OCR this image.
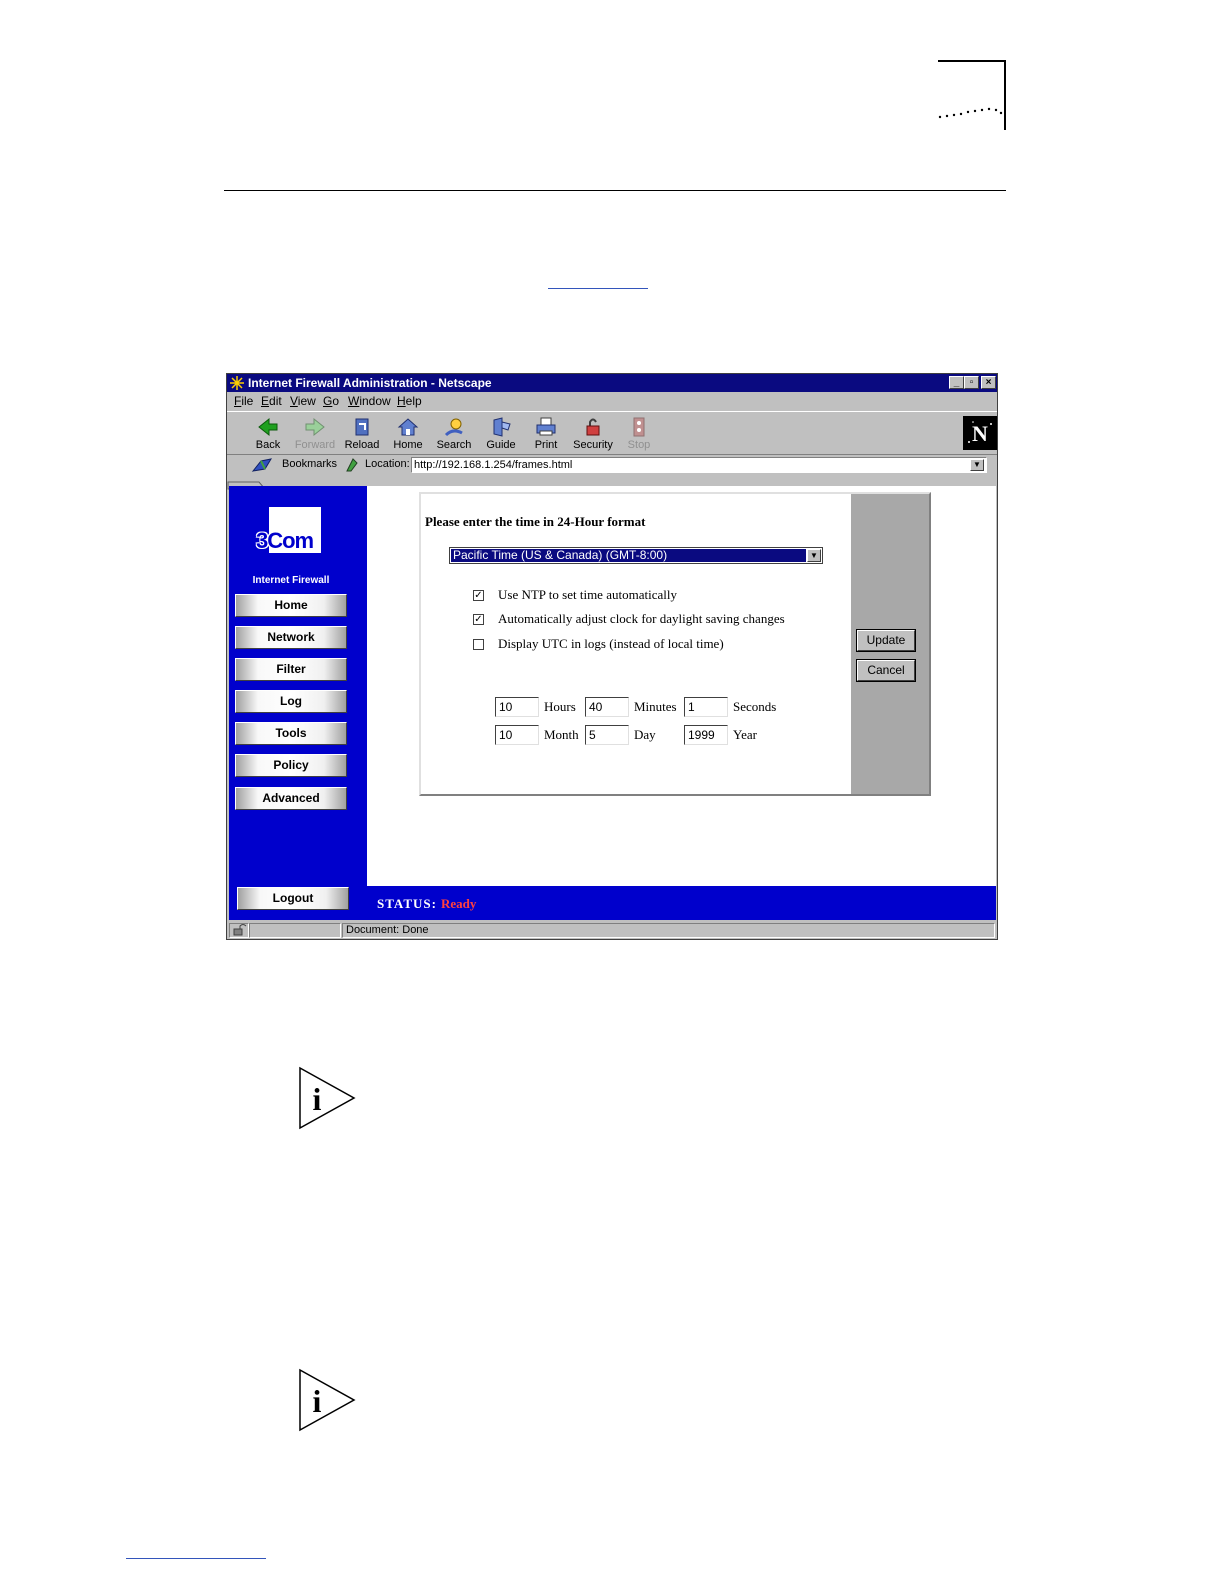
Internet Firewall Administration - Netscape	_	▫	×
File Edit View Go Window Help
Back	Forward Reload	Home	Search	Guide	Print	Security	Stop	N
Bookmarks	Location: http://192.168.1.254/frames.html	▼
3Com
Internet Firewall
Home
Network
Filter
Log
Tools
Policy
Advanced
Logout
Please enter the time in 24-Hour format
Pacific Time (US & Canada) (GMT-8:00)	▼
✓ Use NTP to set time automatically
✓ Automatically adjust clock for daylight saving changes
Display UTC in logs (instead of local time)
10	Hours	40	Minutes 1	Seconds
10	Month 5	Day	1999	Year
Update
Cancel
STATUS: Ready
Document: Done
i
i
